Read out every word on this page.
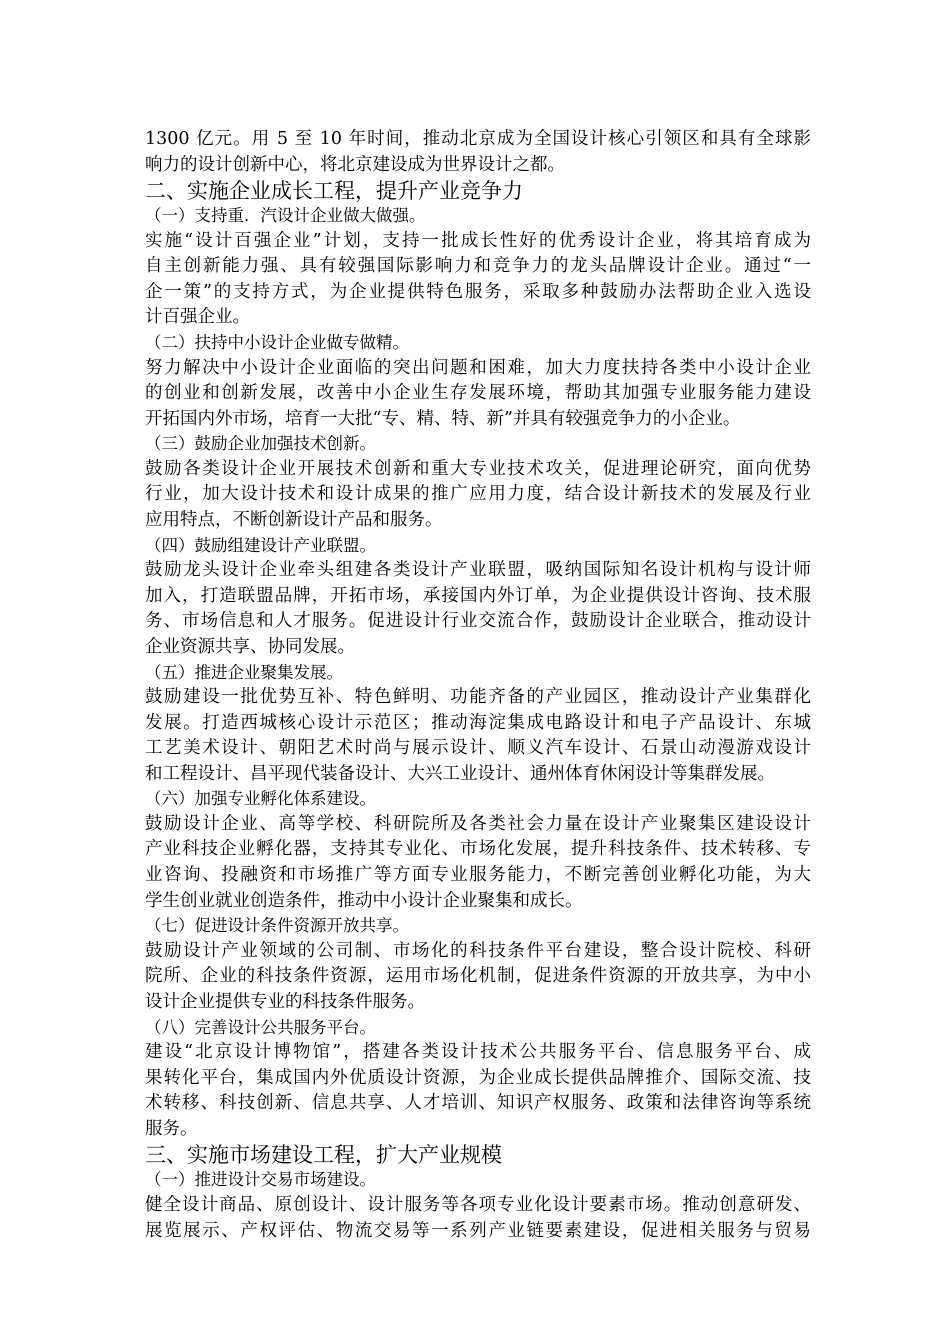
1300 亿元。用 5 至 10 年时间，推动北京成为全国设计核心引领区和具有全球影
响力的设计创新中心，将北京建设成为世界设计之都。
二、实施企业成长工程，提升产业竞争力
（一）支持重．汽设计企业做大做强。
实施“设计百强企业”计划，支持一批成长性好的优秀设计企业，将其培育成为
自主创新能力强、具有较强国际影响力和竞争力的龙头品牌设计企业。通过“一
企一策”的支持方式，为企业提供特色服务，采取多种鼓励办法帮助企业入选设
计百强企业。
（二）扶持中小设计企业做专做精。
努力解决中小设计企业面临的突出问题和困难，加大力度扶持各类中小设计企业
的创业和创新发展，改善中小企业生存发展环境，帮助其加强专业服务能力建设
开拓国内外市场，培育一大批“专、精、特、新”并具有较强竞争力的小企业。
（三）鼓励企业加强技术创新。
鼓励各类设计企业开展技术创新和重大专业技术攻关，促进理论研究，面向优势
行业，加大设计技术和设计成果的推广应用力度，结合设计新技术的发展及行业
应用特点，不断创新设计产品和服务。
（四）鼓励组建设计产业联盟。
鼓励龙头设计企业牵头组建各类设计产业联盟，吸纳国际知名设计机构与设计师
加入，打造联盟品牌，开拓市场，承接国内外订单，为企业提供设计咨询、技术服
务、市场信息和人才服务。促进设计行业交流合作，鼓励设计企业联合，推动设计
企业资源共享、协同发展。
（五）推进企业聚集发展。
鼓励建设一批优势互补、特色鲜明、功能齐备的产业园区，推动设计产业集群化
发展。打造西城核心设计示范区；推动海淀集成电路设计和电子产品设计、东城
工艺美术设计、朝阳艺术时尚与展示设计、顺义汽车设计、石景山动漫游戏设计
和工程设计、昌平现代装备设计、大兴工业设计、通州体育休闲设计等集群发展。
（六）加强专业孵化体系建设。
鼓励设计企业、高等学校、科研院所及各类社会力量在设计产业聚集区建设设计
产业科技企业孵化器，支持其专业化、市场化发展，提升科技条件、技术转移、专
业咨询、投融资和市场推广等方面专业服务能力，不断完善创业孵化功能，为大
学生创业就业创造条件，推动中小设计企业聚集和成长。
（七）促进设计条件资源开放共享。
鼓励设计产业领域的公司制、市场化的科技条件平台建设，整合设计院校、科研
院所、企业的科技条件资源，运用市场化机制，促进条件资源的开放共享，为中小
设计企业提供专业的科技条件服务。
（八）完善设计公共服务平台。
建设“北京设计博物馆”，搭建各类设计技术公共服务平台、信息服务平台、成
果转化平台，集成国内外优质设计资源，为企业成长提供品牌推介、国际交流、技
术转移、科技创新、信息共享、人才培训、知识产权服务、政策和法律咨询等系统
服务。
三、实施市场建设工程，扩大产业规模
（一）推进设计交易市场建设。
健全设计商品、原创设计、设计服务等各项专业化设计要素市场。推动创意研发、
展览展示、产权评估、物流交易等一系列产业链要素建设，促进相关服务与贸易
